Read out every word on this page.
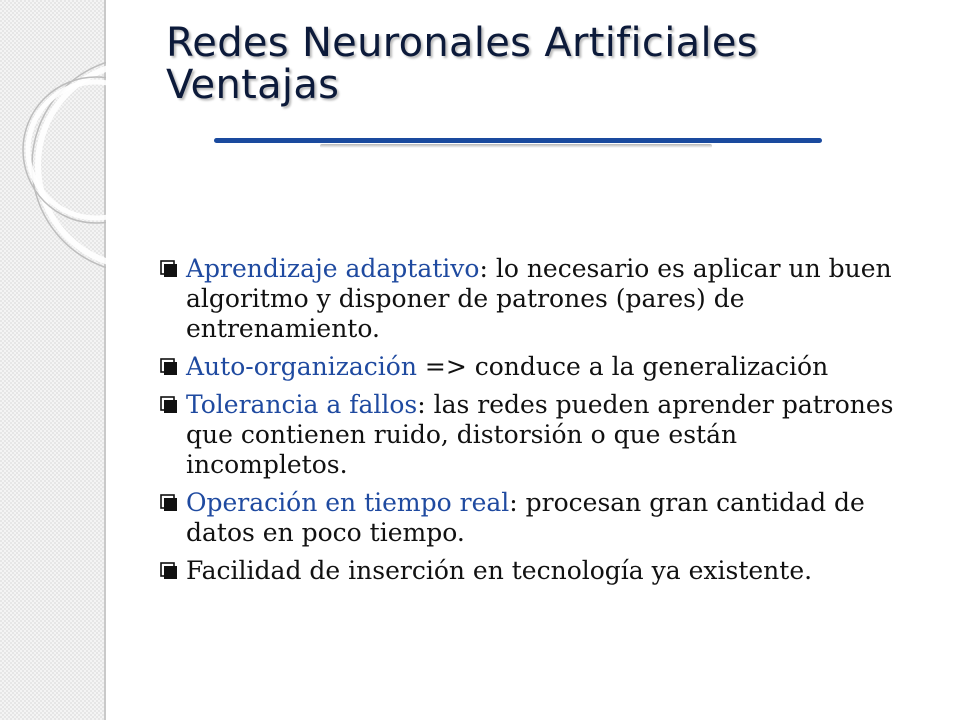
Redes Neuronales Artificiales
Ventajas
Aprendizaje adaptativo: lo necesario es aplicar un buen algoritmo y disponer de patrones (pares) de entrenamiento.
Auto-organización => conduce a la generalización
Tolerancia a fallos: las redes pueden aprender patrones que contienen ruido, distorsión o que están incompletos.
Operación en tiempo real: procesan gran cantidad de datos en poco tiempo.
Facilidad de inserción en tecnología ya existente.
